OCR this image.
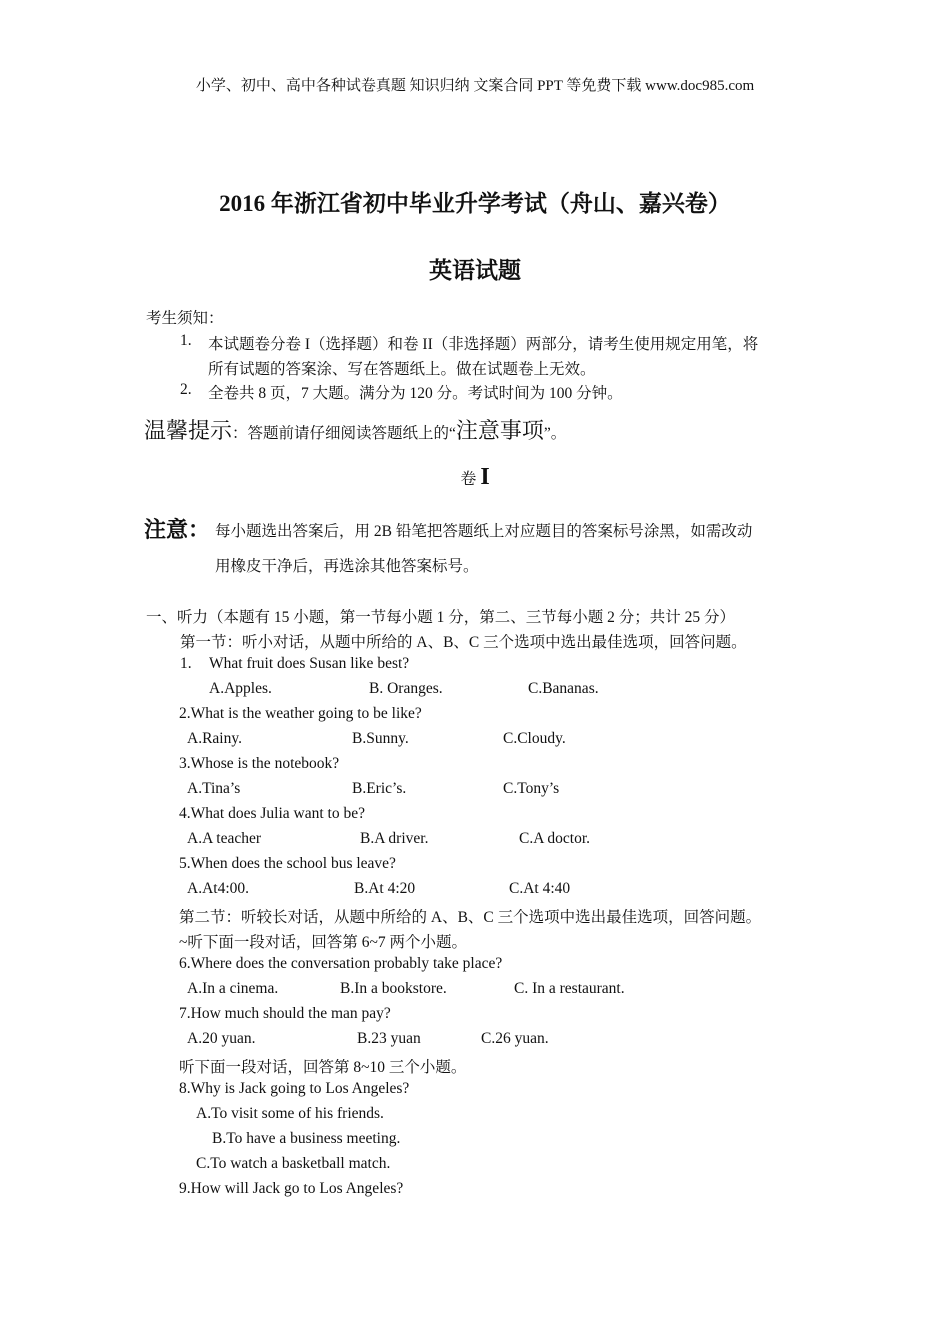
小学、初中、高中各种试卷真题 知识归纳 文案合同 PPT 等免费下载 www.doc985.com
2016 年浙江省初中毕业升学考试（舟山、嘉兴卷）
英语试题
考生须知：
1. 本试题卷分卷 I（选择题）和卷 II（非选择题）两部分，请考生使用规定用笔，将
所有试题的答案涂、写在答题纸上。做在试题卷上无效。
2. 全卷共 8 页，7 大题。满分为 120 分。考试时间为 100 分钟。
温馨提示：答题前请仔细阅读答题纸上的“注意事项”。
卷 I
注意： 每小题选出答案后，用 2B 铅笔把答题纸上对应题目的答案标号涂黑，如需改动
用橡皮干净后，再选涂其他答案标号。
一、听力（本题有 15 小题，第一节每小题 1 分，第二、三节每小题 2 分；共计 25 分）
第一节：听小对话，从题中所给的 A、B、C 三个选项中选出最佳选项，回答问题。
1. What fruit does Susan like best?
A.Apples.	B. Oranges.	C.Bananas.
2.What is the weather going to be like?
A.Rainy.	B.Sunny.	C.Cloudy.
3.Whose is the notebook?
A.Tina’s	B.Eric’s.	C.Tony’s
4.What does Julia want to be?
A.A teacher	B.A driver.	C.A doctor.
5.When does the school bus leave?
A.At4:00.	B.At 4:20	C.At 4:40
第二节：听较长对话，从题中所给的 A、B、C 三个选项中选出最佳选项，回答问题。
~听下面一段对话，回答第 6~7 两个小题。
6.Where does the conversation probably take place?
A.In a cinema.	B.In a bookstore.	C. In a restaurant.
7.How much should the man pay?
A.20 yuan.	B.23 yuan	C.26 yuan.
听下面一段对话，回答第 8~10 三个小题。
8.Why is Jack going to Los Angeles?
A.To visit some of his friends.
B.To have a business meeting.
C.To watch a basketball match.
9.How will Jack go to Los Angeles?
